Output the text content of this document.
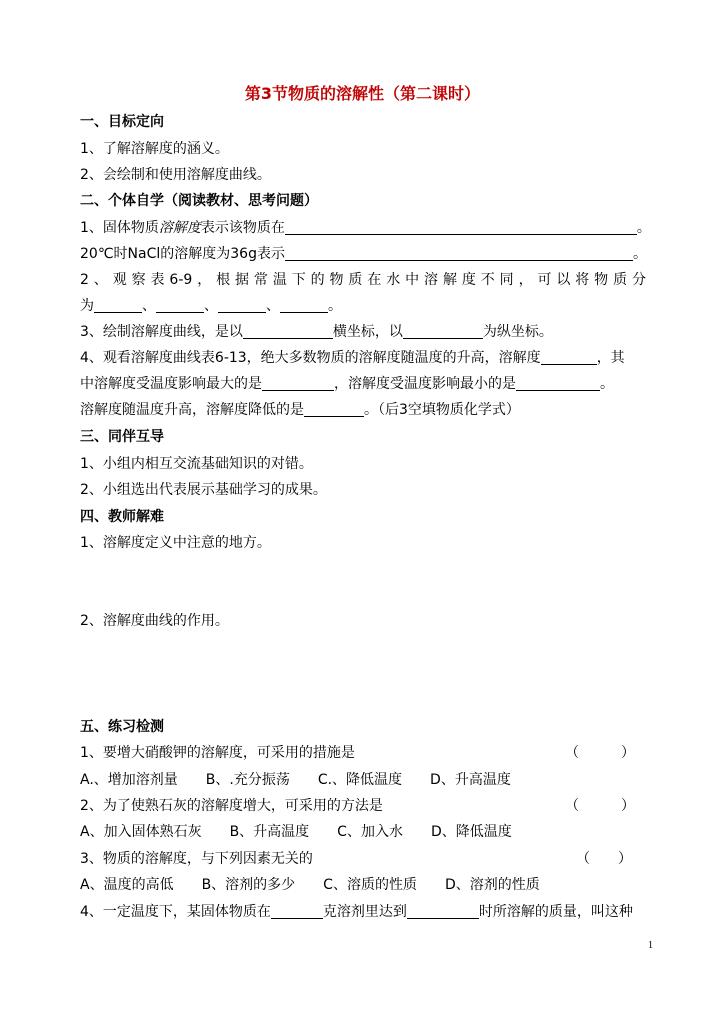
第3节物质的溶解性（第二课时）
一、目标定向
1、了解溶解度的涵义。
2、会绘制和使用溶解度曲线。
二、个体自学（阅读教材、思考问题）
1、固体物质溶解度表示该物质在	。
20℃时NaCl的溶解度为36g表示	。
2、观察表6-9，根据常温下的物质在水中溶解度不同，可以将物质分
为	、	、	、	。
3、绘制溶解度曲线，是以	横坐标，以	为纵坐标。
4、观看溶解度曲线表6-13，绝大多数物质的溶解度随温度的升高，溶解度	，其
中溶解度受温度影响最大的是	，溶解度受温度影响最小的是	。
溶解度随温度升高，溶解度降低的是	。（后3空填物质化学式）
三、同伴互导
1、小组内相互交流基础知识的对错。
2、小组选出代表展示基础学习的成果。
四、教师解难
1、溶解度定义中注意的地方。
2、溶解度曲线的作用。
五、练习检测
1、要增大硝酸钾的溶解度，可采用的措施是	（　　　）
A.、增加溶剂量　　B、.充分振荡　　C.、降低温度　　D、升高温度
2、为了使熟石灰的溶解度增大，可采用的方法是	（　　　）
A、加入固体熟石灰　　B、升高温度　　C、加入水　　D、降低温度
3、物质的溶解度，与下列因素无关的	（　　）
A、温度的高低　　B、溶剂的多少　　C、溶质的性质　　D、溶剂的性质
4、一定温度下，某固体物质在	克溶剂里达到	时所溶解的质量，叫这种
1
